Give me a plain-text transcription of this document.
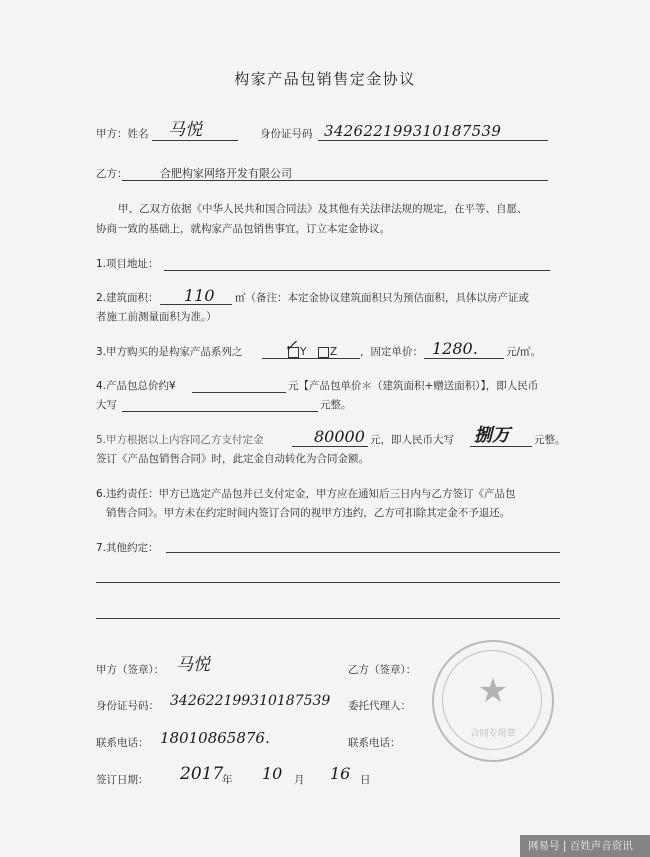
构家产品包销售定金协议
甲方：姓名 马悦	身份证号码 342622199310187539
乙方：	合肥构家网络开发有限公司
甲、乙双方依据《中华人民共和国合同法》及其他有关法律法规的规定，在平等、自愿、
协商一致的基础上，就构家产品包销售事宜，订立本定金协议。
1.项目地址：
2.建筑面积： 110 ㎡（备注：本定金协议建筑面积只为预估面积，具体以房产证或
者施工前测量面积为准。）
3.甲方购买的是构家产品系列之	✓ Y Z ，固定单价： 1280.	元/㎡。
4.产品包总价约¥	元【产品包单价＊（建筑面积+赠送面积）】，即人民币
大写	元整。
5.甲方根据以上内容同乙方支付定金	80000 元，即人民币大写 捌万 元整。
签订《产品包销售合同》时，此定金自动转化为合同金额。
6.违约责任：甲方已选定产品包并已支付定金，甲方应在通知后三日内与乙方签订《产品包
销售合同》。甲方未在约定时间内签订合同的视甲方违约，乙方可扣除其定金不予退还。
7.其他约定：
甲方（签章）： 马悦	乙方（签章）：
身份证号码： 342622199310187539 委托代理人：
联系电话： 18010865876.	联系电话：
签订日期： 2017
年 10 月 16 日
★
合同专用章
网易号 | 百姓声音资讯
